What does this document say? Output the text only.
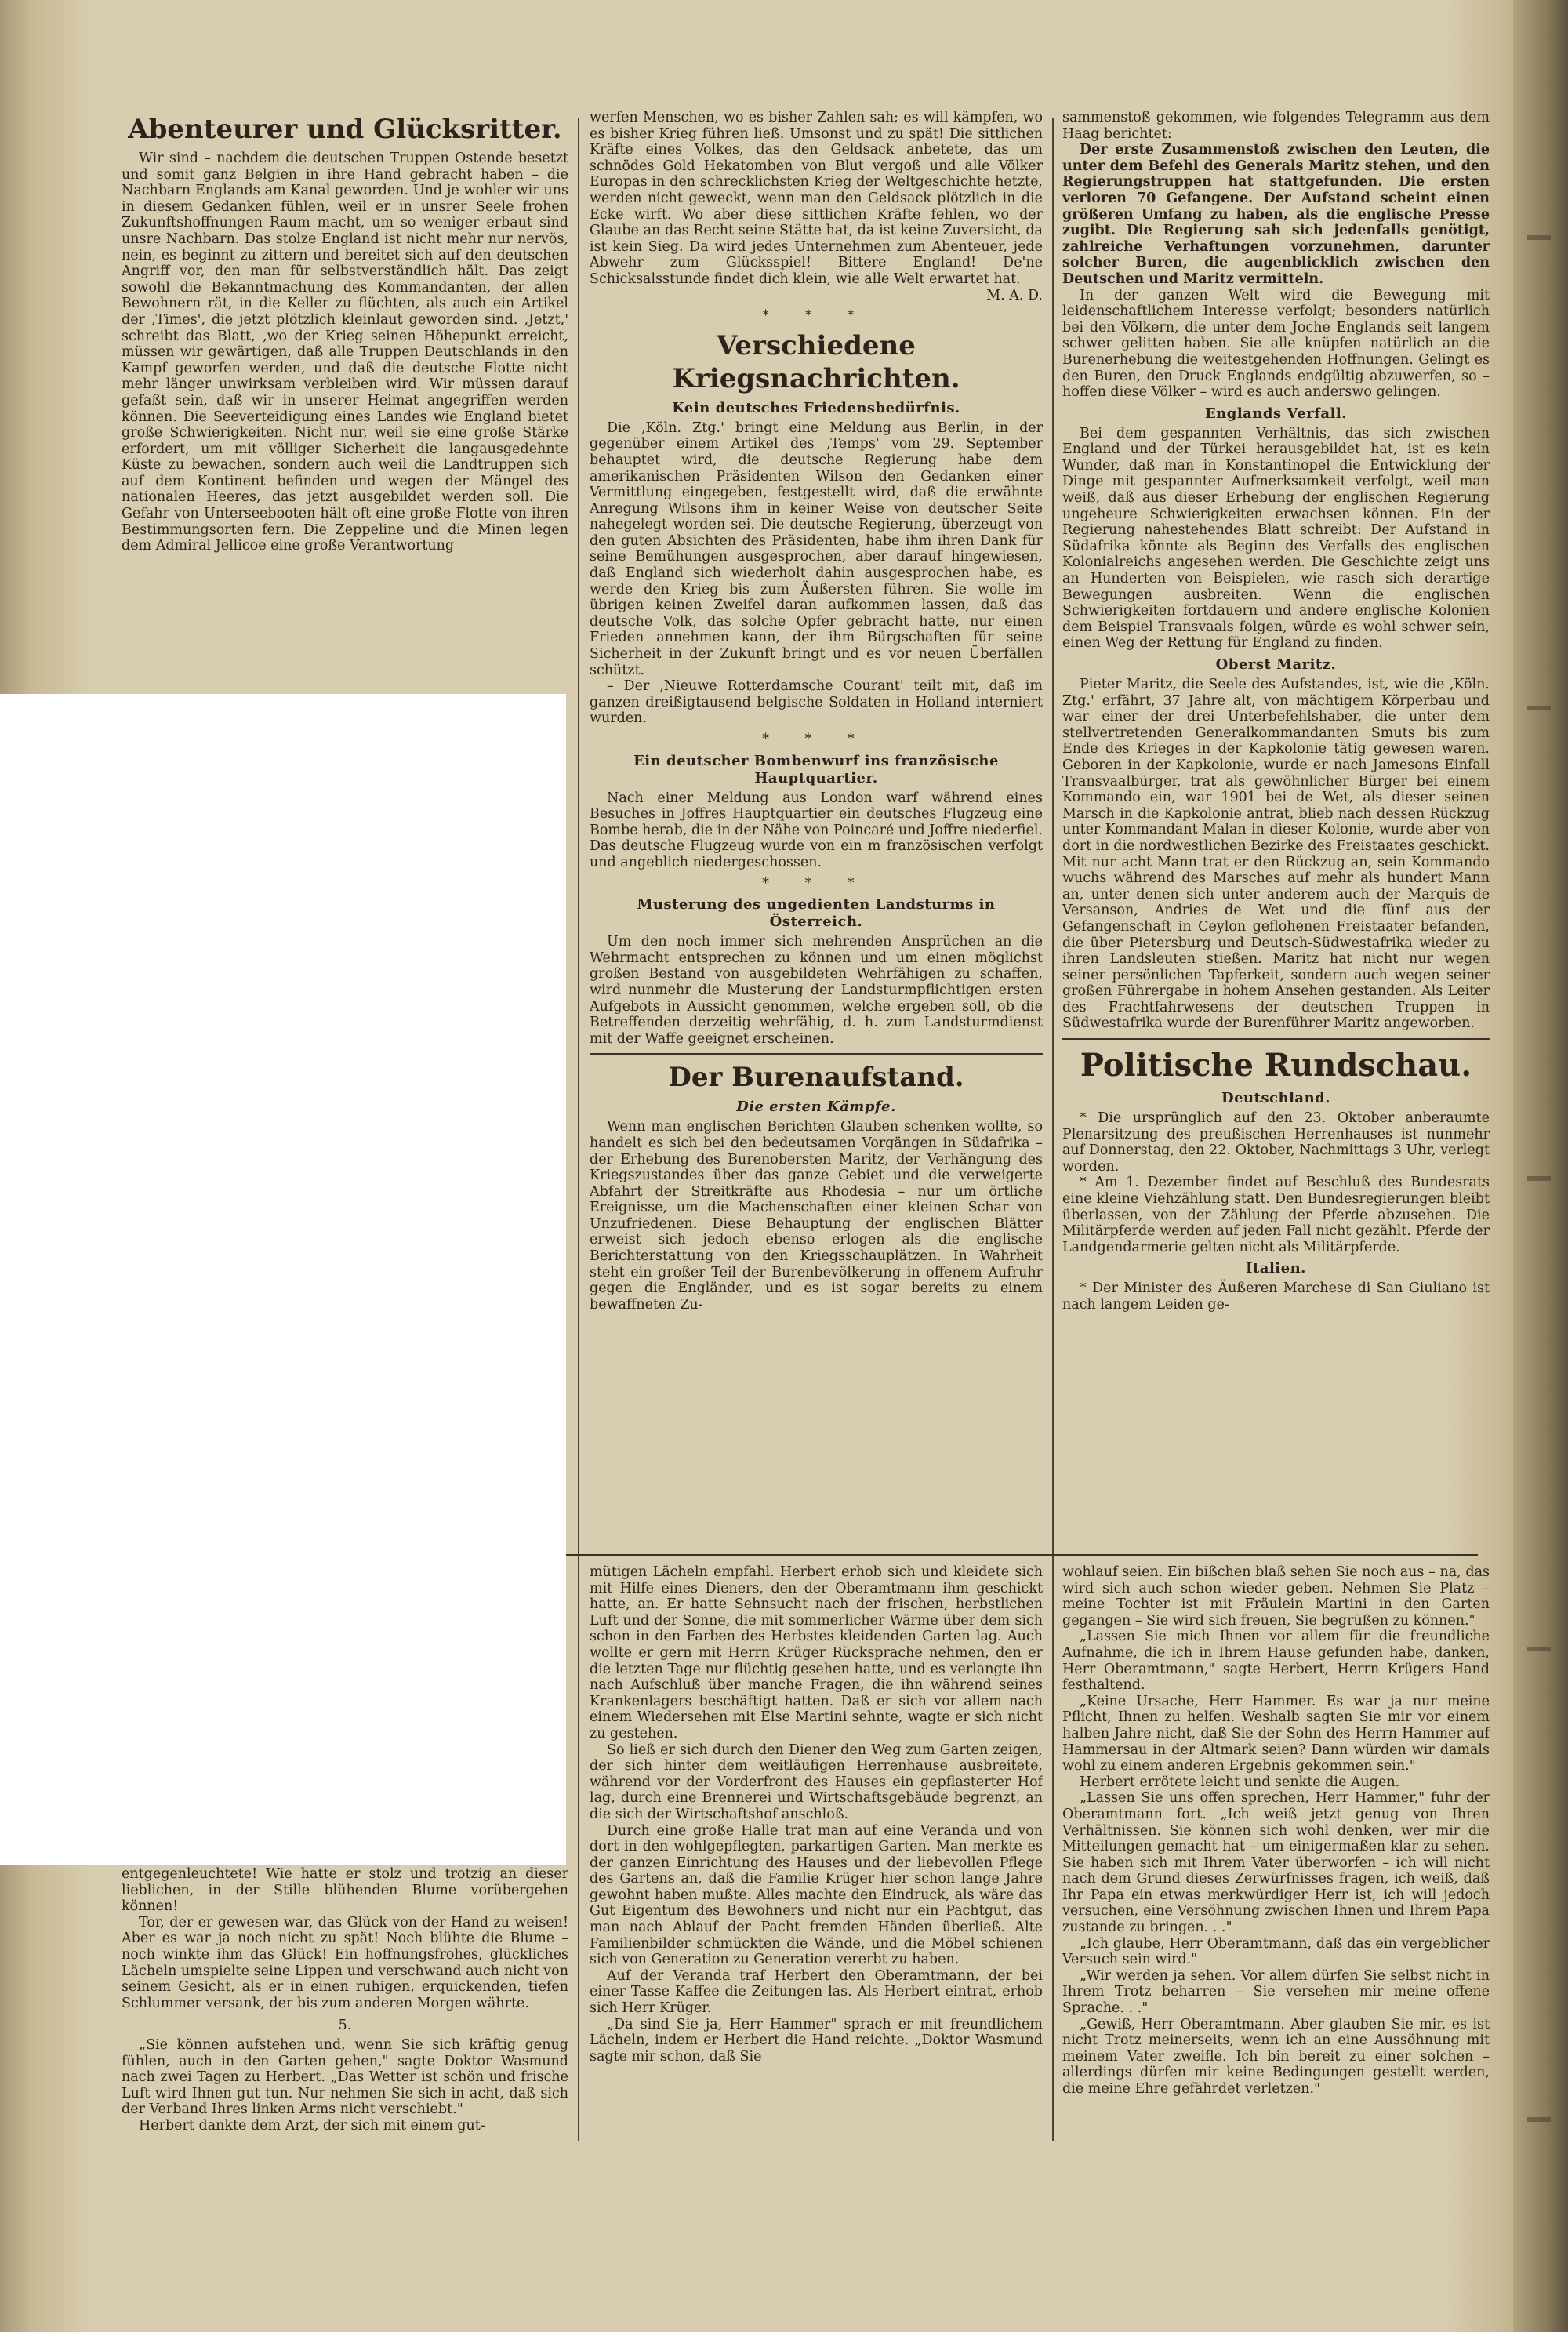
Abenteurer und Glücksritter.

Wir sind – nachdem die deutschen Truppen Ostende besetzt und somit ganz Belgien in ihre Hand gebracht haben – die Nachbarn Englands am Kanal geworden. Und je wohler wir uns in diesem Gedanken fühlen, weil er in unsrer Seele frohen Zukunftshoffnungen Raum macht, um so weniger erbaut sind unsre Nachbarn. Das stolze England ist nicht mehr nur nervös, nein, es beginnt zu zittern und bereitet sich auf den deutschen Angriff vor, den man für selbstverständlich hält. Das zeigt sowohl die Bekanntmachung des Kommandanten, der allen Bewohnern rät, in die Keller zu flüchten, als auch ein Artikel der ‚Times', die jetzt plötzlich kleinlaut geworden sind. ‚Jetzt,' schreibt das Blatt, ‚wo der Krieg seinen Höhepunkt erreicht, müssen wir gewärtigen, daß alle Truppen Deutschlands in den Kampf geworfen werden, und daß die deutsche Flotte nicht mehr länger unwirksam verbleiben wird. Wir müssen darauf gefaßt sein, daß wir in unserer Heimat angegriffen werden können. Die Seeverteidigung eines Landes wie England bietet große Schwierigkeiten. Nicht nur, weil sie eine große Stärke erfordert, um mit völliger Sicherheit die langausgedehnte Küste zu bewachen, sondern auch weil die Landtruppen sich auf dem Kontinent befinden und wegen der Mängel des nationalen Heeres, das jetzt ausgebildet werden soll. Die Gefahr von Unterseebooten hält oft eine große Flotte von ihren Bestimmungsorten fern. Die Zeppeline und die Minen legen dem Admiral Jellicoe eine große Verantwortung

entgegenleuchtete! Wie hatte er stolz und trotzig an dieser lieblichen, in der Stille blühenden Blume vorübergehen können!

Tor, der er gewesen war, das Glück von der Hand zu weisen! Aber es war ja noch nicht zu spät! Noch blühte die Blume – noch winkte ihm das Glück! Ein hoffnungsfrohes, glückliches Lächeln umspielte seine Lippen und verschwand auch nicht von seinem Gesicht, als er in einen ruhigen, erquickenden, tiefen Schlummer versank, der bis zum anderen Morgen währte.

5.

„Sie können aufstehen und, wenn Sie sich kräftig genug fühlen, auch in den Garten gehen," sagte Doktor Wasmund nach zwei Tagen zu Herbert. „Das Wetter ist schön und frische Luft wird Ihnen gut tun. Nur nehmen Sie sich in acht, daß sich der Verband Ihres linken Arms nicht verschiebt."

Herbert dankte dem Arzt, der sich mit einem gut-

werfen Menschen, wo es bisher Zahlen sah; es will kämpfen, wo es bisher Krieg führen ließ. Umsonst und zu spät! Die sittlichen Kräfte eines Volkes, das den Geldsack anbetete, das um schnödes Gold Hekatomben von Blut vergoß und alle Völker Europas in den schrecklichsten Krieg der Weltgeschichte hetzte, werden nicht geweckt, wenn man den Geldsack plötzlich in die Ecke wirft. Wo aber diese sittlichen Kräfte fehlen, wo der Glaube an das Recht seine Stätte hat, da ist keine Zuversicht, da ist kein Sieg. Da wird jedes Unternehmen zum Abenteuer, jede Abwehr zum Glücksspiel! Bittere England! De'ne Schicksalsstunde findet dich klein, wie alle Welt erwartet hat.

M. A. D.
* * *
Verschiedene Kriegsnachrichten.
Kein deutsches Friedensbedürfnis.

Die ‚Köln. Ztg.' bringt eine Meldung aus Berlin, in der gegenüber einem Artikel des ‚Temps' vom 29. September behauptet wird, die deutsche Regierung habe dem amerikanischen Präsidenten Wilson den Gedanken einer Vermittlung eingegeben, festgestellt wird, daß die erwähnte Anregung Wilsons ihm in keiner Weise von deutscher Seite nahegelegt worden sei. Die deutsche Regierung, überzeugt von den guten Absichten des Präsidenten, habe ihm ihren Dank für seine Bemühungen ausgesprochen, aber darauf hingewiesen, daß England sich wiederholt dahin ausgesprochen habe, es werde den Krieg bis zum Äußersten führen. Sie wolle im übrigen keinen Zweifel daran aufkommen lassen, daß das deutsche Volk, das solche Opfer gebracht hatte, nur einen Frieden annehmen kann, der ihm Bürgschaften für seine Sicherheit in der Zukunft bringt und es vor neuen Überfällen schützt.

– Der ‚Nieuwe Rotterdamsche Courant' teilt mit, daß im ganzen dreißigtausend belgische Soldaten in Holland interniert wurden.

* * *
Ein deutscher Bombenwurf ins französische Hauptquartier.

Nach einer Meldung aus London warf während eines Besuches in Joffres Hauptquartier ein deutsches Flugzeug eine Bombe herab, die in der Nähe von Poincaré und Joffre niederfiel. Das deutsche Flugzeug wurde von ein m französischen verfolgt und angeblich niedergeschossen.

* * *
Musterung des ungedienten Landsturms in Österreich.

Um den noch immer sich mehrenden Ansprüchen an die Wehrmacht entsprechen zu können und um einen möglichst großen Bestand von ausgebildeten Wehrfähigen zu schaffen, wird nunmehr die Musterung der Landsturmpflichtigen ersten Aufgebots in Aussicht genommen, welche ergeben soll, ob die Betreffenden derzeitig wehrfähig, d. h. zum Landsturmdienst mit der Waffe geeignet erscheinen.

Der Burenaufstand.
Die ersten Kämpfe.

Wenn man englischen Berichten Glauben schenken wollte, so handelt es sich bei den bedeutsamen Vorgängen in Südafrika – der Erhebung des Burenobersten Maritz, der Verhängung des Kriegszustandes über das ganze Gebiet und die verweigerte Abfahrt der Streitkräfte aus Rhodesia – nur um örtliche Ereignisse, um die Machenschaften einer kleinen Schar von Unzufriedenen. Diese Behauptung der englischen Blätter erweist sich jedoch ebenso erlogen als die englische Berichterstattung von den Kriegsschauplätzen. In Wahrheit steht ein großer Teil der Burenbevölkerung in offenem Aufruhr gegen die Engländer, und es ist sogar bereits zu einem bewaffneten Zu-

mütigen Lächeln empfahl. Herbert erhob sich und kleidete sich mit Hilfe eines Dieners, den der Oberamtmann ihm geschickt hatte, an. Er hatte Sehnsucht nach der frischen, herbstlichen Luft und der Sonne, die mit sommerlicher Wärme über dem sich schon in den Farben des Herbstes kleidenden Garten lag. Auch wollte er gern mit Herrn Krüger Rücksprache nehmen, den er die letzten Tage nur flüchtig gesehen hatte, und es verlangte ihn nach Aufschluß über manche Fragen, die ihn während seines Krankenlagers beschäftigt hatten. Daß er sich vor allem nach einem Wiedersehen mit Else Martini sehnte, wagte er sich nicht zu gestehen.

So ließ er sich durch den Diener den Weg zum Garten zeigen, der sich hinter dem weitläufigen Herrenhause ausbreitete, während vor der Vorderfront des Hauses ein gepflasterter Hof lag, durch eine Brennerei und Wirtschaftsgebäude begrenzt, an die sich der Wirtschaftshof anschloß.

Durch eine große Halle trat man auf eine Veranda und von dort in den wohlgepflegten, parkartigen Garten. Man merkte es der ganzen Einrichtung des Hauses und der liebevollen Pflege des Gartens an, daß die Familie Krüger hier schon lange Jahre gewohnt haben mußte. Alles machte den Eindruck, als wäre das Gut Eigentum des Bewohners und nicht nur ein Pachtgut, das man nach Ablauf der Pacht fremden Händen überließ. Alte Familienbilder schmückten die Wände, und die Möbel schienen sich von Generation zu Generation vererbt zu haben.

Auf der Veranda traf Herbert den Oberamtmann, der bei einer Tasse Kaffee die Zeitungen las. Als Herbert eintrat, erhob sich Herr Krüger.

„Da sind Sie ja, Herr Hammer" sprach er mit freundlichem Lächeln, indem er Herbert die Hand reichte. „Doktor Wasmund sagte mir schon, daß Sie

sammenstoß gekommen, wie folgendes Telegramm aus dem Haag berichtet:

Der erste Zusammenstoß zwischen den Leuten, die unter dem Befehl des Generals Maritz stehen, und den Regierungstruppen hat stattgefunden. Die ersten verloren 70 Gefangene. Der Aufstand scheint einen größeren Umfang zu haben, als die englische Presse zugibt. Die Regierung sah sich jedenfalls genötigt, zahlreiche Verhaftungen vorzunehmen, darunter solcher Buren, die augenblicklich zwischen den Deutschen und Maritz vermitteln.

In der ganzen Welt wird die Bewegung mit leidenschaftlichem Interesse verfolgt; besonders natürlich bei den Völkern, die unter dem Joche Englands seit langem schwer gelitten haben. Sie alle knüpfen natürlich an die Burenerhebung die weitestgehenden Hoffnungen. Gelingt es den Buren, den Druck Englands endgültig abzuwerfen, so – hoffen diese Völker – wird es auch anderswo gelingen.

Englands Verfall.

Bei dem gespannten Verhältnis, das sich zwischen England und der Türkei herausgebildet hat, ist es kein Wunder, daß man in Konstantinopel die Entwicklung der Dinge mit gespannter Aufmerksamkeit verfolgt, weil man weiß, daß aus dieser Erhebung der englischen Regierung ungeheure Schwierigkeiten erwachsen können. Ein der Regierung nahestehendes Blatt schreibt: Der Aufstand in Südafrika könnte als Beginn des Verfalls des englischen Kolonialreichs angesehen werden. Die Geschichte zeigt uns an Hunderten von Beispielen, wie rasch sich derartige Bewegungen ausbreiten. Wenn die englischen Schwierigkeiten fortdauern und andere englische Kolonien dem Beispiel Transvaals folgen, würde es wohl schwer sein, einen Weg der Rettung für England zu finden.

Oberst Maritz.

Pieter Maritz, die Seele des Aufstandes, ist, wie die ‚Köln. Ztg.' erfährt, 37 Jahre alt, von mächtigem Körperbau und war einer der drei Unterbefehlshaber, die unter dem stellvertretenden Generalkommandanten Smuts bis zum Ende des Krieges in der Kapkolonie tätig gewesen waren. Geboren in der Kapkolonie, wurde er nach Jamesons Einfall Transvaalbürger, trat als gewöhnlicher Bürger bei einem Kommando ein, war 1901 bei de Wet, als dieser seinen Marsch in die Kapkolonie antrat, blieb nach dessen Rückzug unter Kommandant Malan in dieser Kolonie, wurde aber von dort in die nordwestlichen Bezirke des Freistaates geschickt. Mit nur acht Mann trat er den Rückzug an, sein Kommando wuchs während des Marsches auf mehr als hundert Mann an, unter denen sich unter anderem auch der Marquis de Versanson, Andries de Wet und die fünf aus der Gefangenschaft in Ceylon geflohenen Freistaater befanden, die über Pietersburg und Deutsch-Südwestafrika wieder zu ihren Landsleuten stießen. Maritz hat nicht nur wegen seiner persönlichen Tapferkeit, sondern auch wegen seiner großen Führergabe in hohem Ansehen gestanden. Als Leiter des Frachtfahrwesens der deutschen Truppen in Südwestafrika wurde der Burenführer Maritz angeworben.

Politische Rundschau.
Deutschland.

* Die ursprünglich auf den 23. Oktober anberaumte Plenarsitzung des preußischen Herrenhauses ist nunmehr auf Donnerstag, den 22. Oktober, Nachmittags 3 Uhr, verlegt worden.

* Am 1. Dezember findet auf Beschluß des Bundesrats eine kleine Viehzählung statt. Den Bundesregierungen bleibt überlassen, von der Zählung der Pferde abzusehen. Die Militärpferde werden auf jeden Fall nicht gezählt. Pferde der Landgendarmerie gelten nicht als Militärpferde.

Italien.

* Der Minister des Äußeren Marchese di San Giuliano ist nach langem Leiden ge-

wohlauf seien. Ein bißchen blaß sehen Sie noch aus – na, das wird sich auch schon wieder geben. Nehmen Sie Platz – meine Tochter ist mit Fräulein Martini in den Garten gegangen – Sie wird sich freuen, Sie begrüßen zu können."

„Lassen Sie mich Ihnen vor allem für die freundliche Aufnahme, die ich in Ihrem Hause gefunden habe, danken, Herr Oberamtmann," sagte Herbert, Herrn Krügers Hand festhaltend.

„Keine Ursache, Herr Hammer. Es war ja nur meine Pflicht, Ihnen zu helfen. Weshalb sagten Sie mir vor einem halben Jahre nicht, daß Sie der Sohn des Herrn Hammer auf Hammersau in der Altmark seien? Dann würden wir damals wohl zu einem anderen Ergebnis gekommen sein."

Herbert errötete leicht und senkte die Augen.

„Lassen Sie uns offen sprechen, Herr Hammer," fuhr der Oberamtmann fort. „Ich weiß jetzt genug von Ihren Verhältnissen. Sie können sich wohl denken, wer mir die Mitteilungen gemacht hat – um einigermaßen klar zu sehen. Sie haben sich mit Ihrem Vater überworfen – ich will nicht nach dem Grund dieses Zerwürfnisses fragen, ich weiß, daß Ihr Papa ein etwas merkwürdiger Herr ist, ich will jedoch versuchen, eine Versöhnung zwischen Ihnen und Ihrem Papa zustande zu bringen. . ."

„Ich glaube, Herr Oberamtmann, daß das ein vergeblicher Versuch sein wird."

„Wir werden ja sehen. Vor allem dürfen Sie selbst nicht in Ihrem Trotz beharren – Sie versehen mir meine offene Sprache. . ."

„Gewiß, Herr Oberamtmann. Aber glauben Sie mir, es ist nicht Trotz meinerseits, wenn ich an eine Aussöhnung mit meinem Vater zweifle. Ich bin bereit zu einer solchen – allerdings dürfen mir keine Bedingungen gestellt werden, die meine Ehre gefährdet verletzen."
